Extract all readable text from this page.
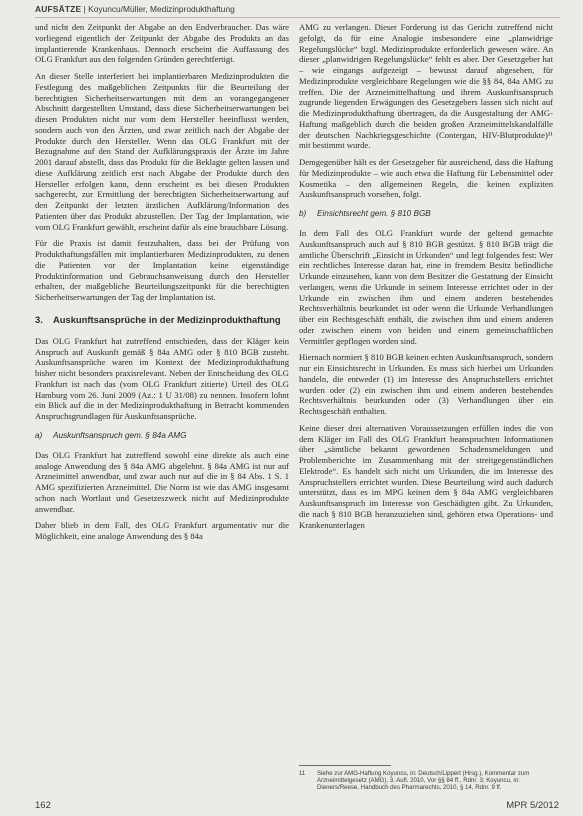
AUFSÄTZE | Koyuncu/Müller, Medizinprodukthaftung

und nicht den Zeitpunkt der Abgabe an den Endverbraucher. Das wäre vorliegend eigentlich der Zeitpunkt der Abgabe des Produkts an das implantierende Krankenhaus. Dennoch erscheint die Auffassung des OLG Frankfurt aus den folgenden Gründen gerechtfertigt.

An dieser Stelle interferiert bei implantierbaren Medizinprodukten die Festlegung des maßgeblichen Zeitpunkts für die Beurteilung der berechtigten Sicherheitserwartungen mit dem an vorangegangener Abschnitt dargestellten Umstand, dass diese Sicherheitserwartungen bei diesen Produkten nicht nur vom dem Hersteller beeinflusst werden, sondern auch von den Ärzten, und zwar zeitlich nach der Abgabe der Produkte durch den Hersteller. Wenn das OLG Frankfurt mit der Bezugnahme auf den Stand der Aufklärungspraxis der Ärzte im Jahre 2001 darauf abstellt, dass das Produkt für die Beklagte gelten lassen und diese Aufklärung zeitlich erst nach Abgabe der Produkte durch den Hersteller erfolgen kann, denn erscheint es bei diesen Produkten sachgerecht, zur Ermittlung der berechtigten Sicherheitserwartung auf den Zeitpunkt der letzten ärztlichen Aufklärung/Information des Patienten über das Produkt abzustellen. Der Tag der Implantation, wie vom OLG Frankfurt gewählt, erscheint dafür als eine brauchbare Lösung.

Für die Praxis ist damit festzuhalten, dass bei der Prüfung von Produkthaftungsfällen mit implantierbaren Medizinprodukten, zu denen die Patienten vor der Implantation keine eigenständige Produktinformation und Gebrauchsanweisung durch den Hersteller erhalten, der maßgebliche Beurteilungszeitpunkt für die berechtigten Sicherheitserwartungen der Tag der Implantation ist.

3.	Auskunftsansprüche in der Medizinprodukthaftung

Das OLG Frankfurt hat zutreffend entschieden, dass der Kläger kein Anspruch auf Auskunft gemäß § 84a AMG oder § 810 BGB zusteht. Auskunftsansprüche waren im Kontext der Medizinprodukthaftung bisher nicht besonders praxisrelevant. Neben der Entscheidung des OLG Frankfurt ist nach das (vom OLG Frankfurt zitierte) Urteil des OLG Hamburg vom 26. Juni 2009 (Az.: 1 U 31/08) zu nennen. Insofern lohnt ein Blick auf die in der Medizinprodukthaftung in Betracht kommenden Anspruchsgrundlagen für Auskunftsansprüche.

a)	Auskunftsanspruch gem. § 84a AMG

Das OLG Frankfurt hat zutreffend sowohl eine direkte als auch eine analoge Anwendung des § 84a AMG abgelehnt. § 84a AMG ist nur auf Arzneimittel anwendbar, und zwar auch nur auf die in § 84 Abs. 1 S. 1 AMG spezifizierten Arzneimittel. Die Norm ist wie das AMG insgesamt schon nach Wortlaut und Gesetzeszweck nicht auf Medizinprodukte anwendbar.

Daher blieb in dem Fall, des OLG Frankfurt argumentativ nur die Möglichkeit, eine analoge Anwendung des § 84a

AMG zu verlangen. Dieser Forderung ist das Gericht zutreffend nicht gefolgt, da für eine Analogie insbesondere eine „planwidrige Regelungslücke“ bzgl. Medizinprodukte erforderlich gewesen wäre. An dieser „planwidrigen Regelungslücke“ fehlt es aber. Der Gesetzgeber hat – wie eingangs aufgezeigt – bewusst darauf abgesehen, für Medizinprodukte vergleichbare Regelungen wie die §§ 84, 84a AMG zu treffen. Die der Arzneimittelhaftung und ihrem Auskunftsanspruch zugrunde liegenden Erwägungen des Gesetzgebers lassen sich nicht auf die Medizinprodukthaftung übertragen, da die Ausgestaltung der AMG-Haftung maßgeblich durch die beiden großen Arzneimittelskandalfälle der deutschen Nachkriegsgeschichte (Contergan, HIV-Blutprodukte)¹¹ mit bestimmt wurde.

Demgegenüber hält es der Gesetzgeber für ausreichend, dass die Haftung für Medizinprodukte – wie auch etwa die Haftung für Lebensmittel oder Kosmetika – den allgemeinen Regeln, die keinen expliziten Auskunftsanspruch vorsehen, folgt.

b)	Einsichtsrecht gem. § 810 BGB

In dem Fall des OLG Frankfurt wurde der geltend gemachte Auskunftsanspruch auch auf § 810 BGB gestützt. § 810 BGB trägt die amtliche Überschrift „Einsicht in Urkunden“ und legt folgendes fest: Wer ein rechtliches Interesse daran hat, eine in fremdem Besitz befindliche Urkunde einzusehen, kann von dem Besitzer die Gestattung der Einsicht verlangen, wenn die Urkunde in seinem Interesse errichtet oder in der Urkunde ein zwischen ihm und einem anderen bestehendes Rechtsverhältnis beurkundet ist oder wenn die Urkunde Verhandlungen über ein Rechtsgeschäft enthält, die zwischen ihm und einem anderen oder zwischen einem von beiden und einem gemeinschaftlichen Vermittler gepflogen worden sind.

Hiernach normiert § 810 BGB keinen echten Auskunftsanspruch, sondern nur ein Einsichtsrecht in Urkunden. Es muss sich hierbei um Urkunden handeln, die entweder (1) im Interesse des Anspruchstellers errichtet wurden oder (2) ein zwischen ihm und einem anderen bestehendes Rechtsverhältnis beurkunden oder (3) Verhandlungen über ein Rechtsgeschäft enthalten.

Keine dieser drei alternativen Voraussetzungen erfüllen indes die von dem Kläger im Fall des OLG Frankfurt beanspruchten Informationen über „sämtliche bekannt gewordenen Schadensmeldungen und Problemberichte im Zusammenhang mit der streitgegenständlichen Elektrode“. Es handelt sich nicht um Urkunden, die im Interesse des Anspruchstellers errichtet wurden. Diese Beurteilung wird auch dadurch unterstützt, dass es im MPG keinen dem § 84a AMG vergleichbaren Auskunftsanspruch im Interesse von Geschädigten gibt. Zu Urkunden, die nach § 810 BGB heranzuziehen sind, gehören etwa Operations- und Krankenunterlagen

11	Siehe zur AMG-Haftung Koyuncu, in: Deutsch/Lippert (Hrsg.), Kommentar zum Arzneimittelgesetz (AMG), 3. Aufl. 2010, Vor §§ 84 ff., Rdnr. 3; Koyuncu, in: Dieners/Reese, Handbuch des Pharmarechts, 2010, § 14, Rdnr. 9 ff.
162	MPR 5/2012
